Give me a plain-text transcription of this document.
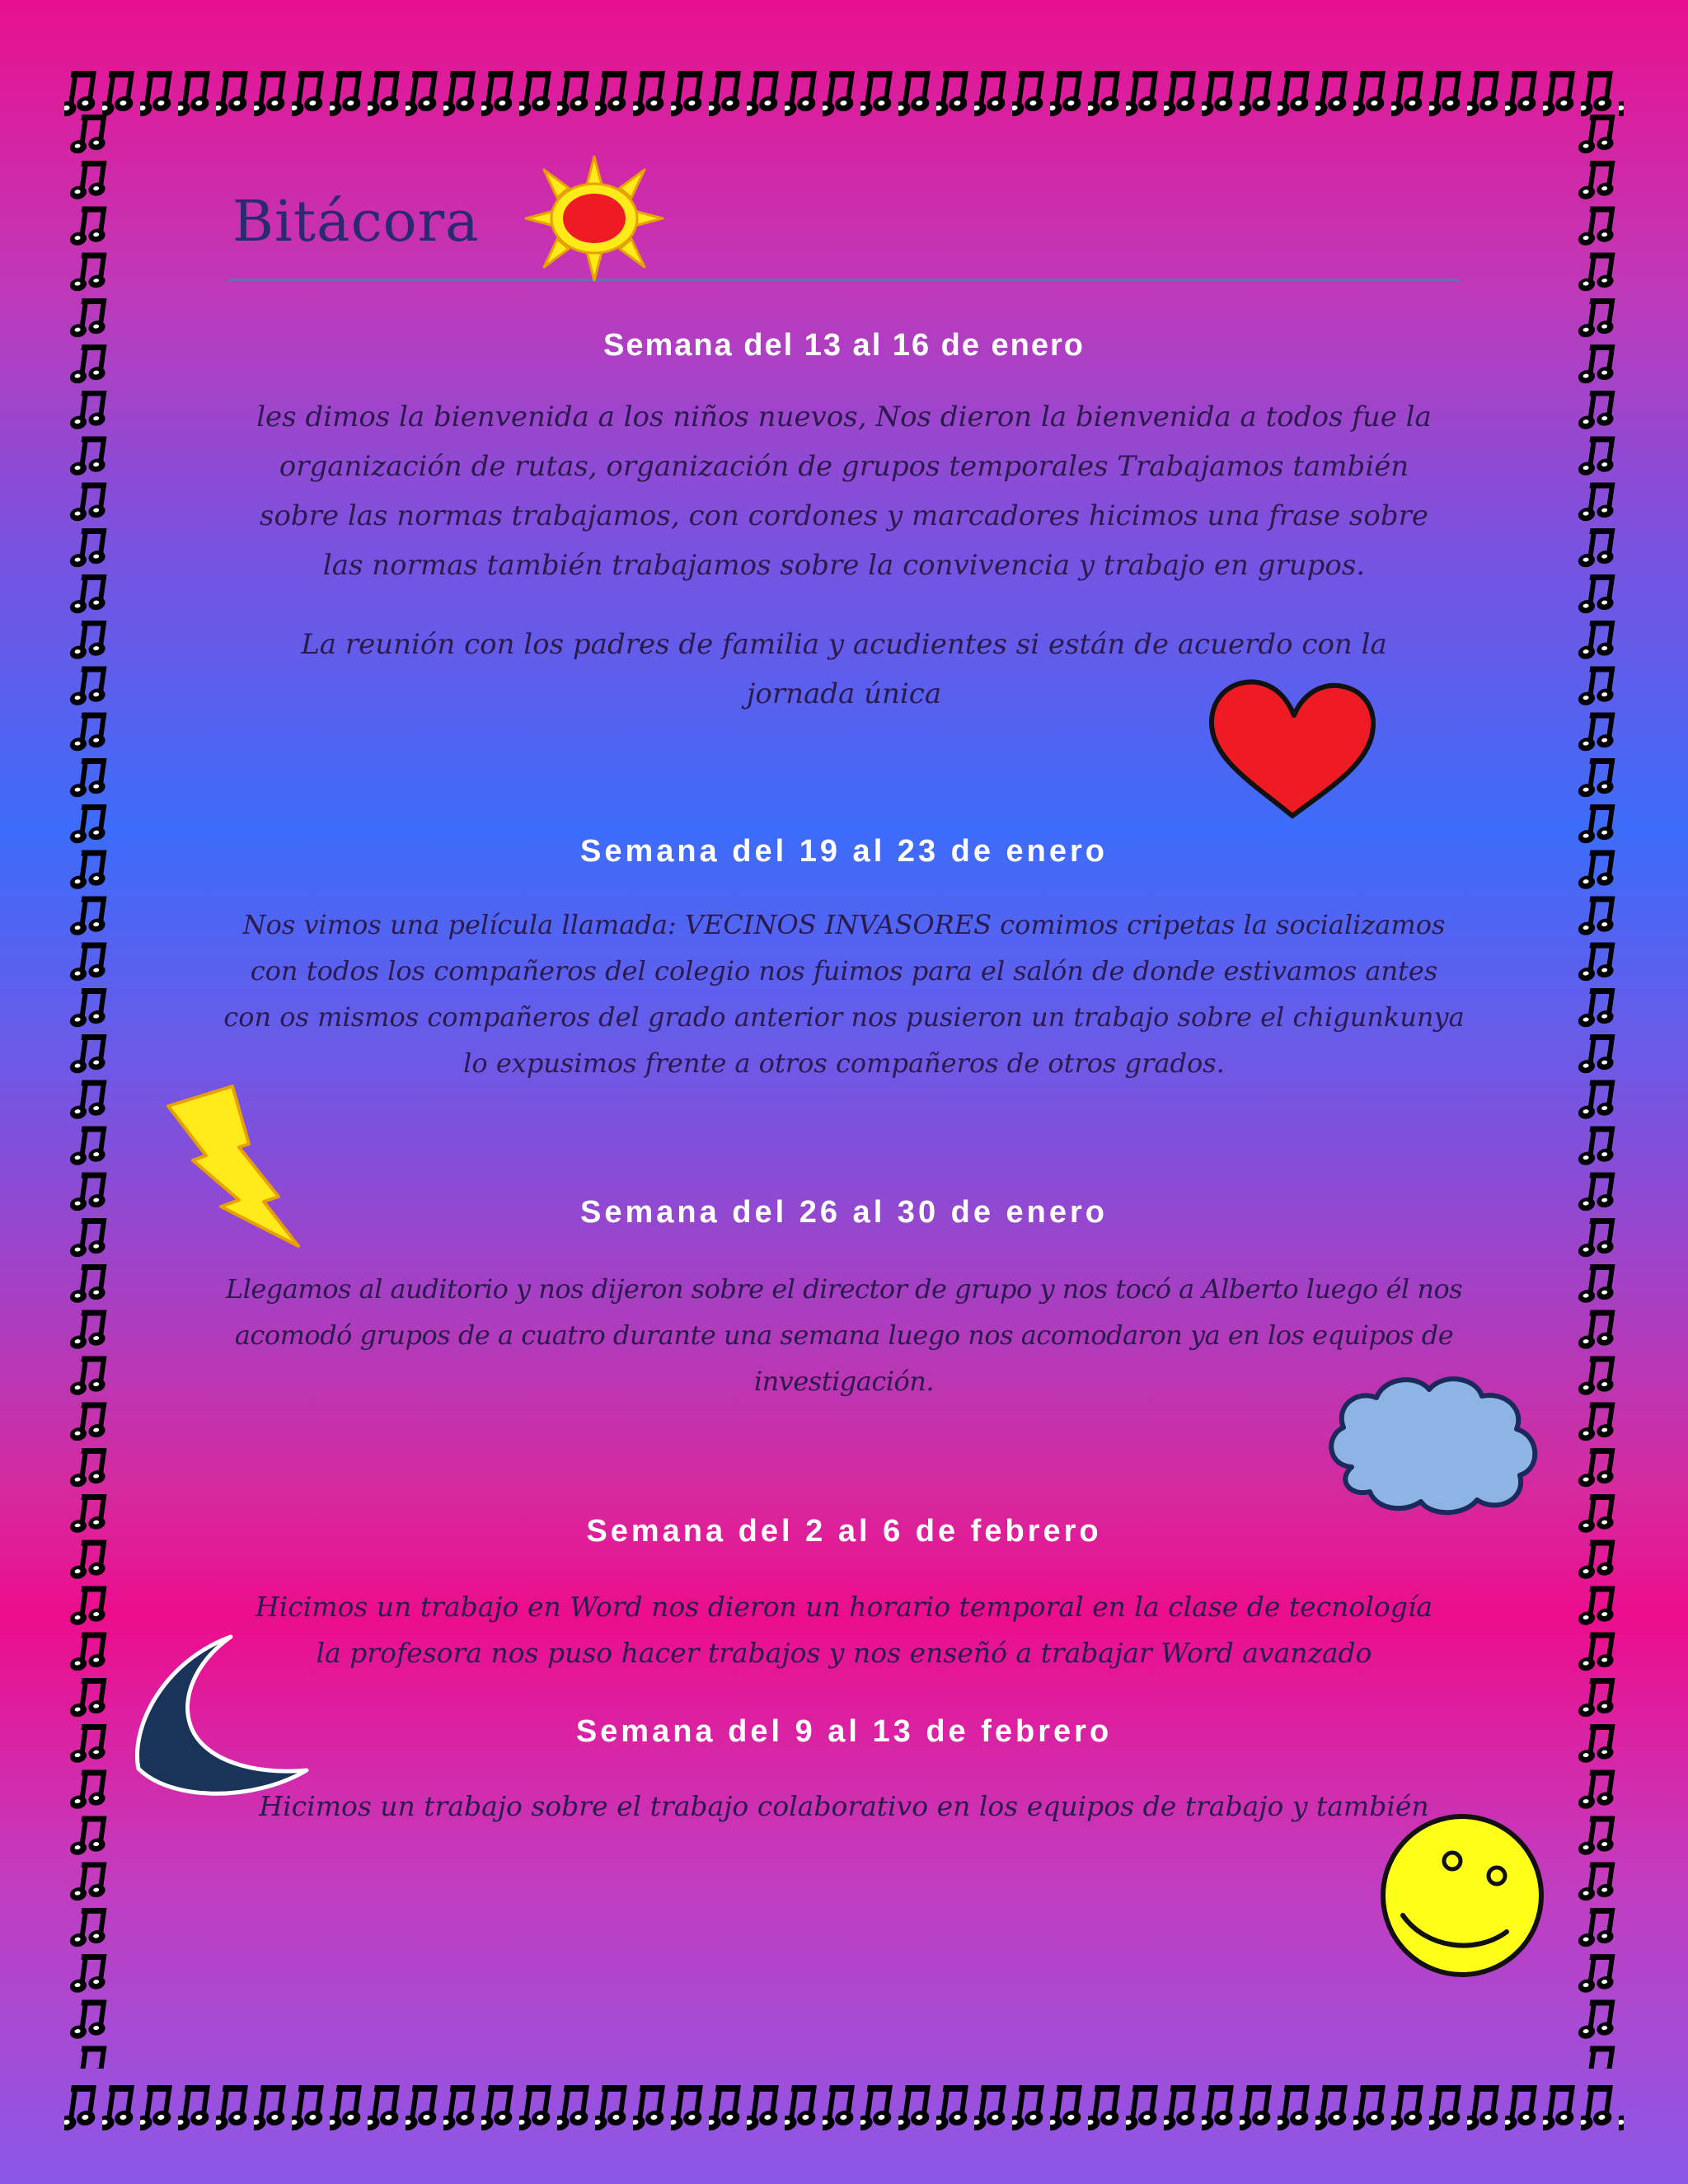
Bitácora
Semana del 13 al 16 de enero

les dimos la bienvenida a los niños nuevos, Nos dieron la bienvenida a todos fue la organización de rutas, organización de grupos temporales Trabajamos también sobre las normas trabajamos, con cordones y marcadores hicimos una frase sobre las normas también trabajamos sobre la convivencia y trabajo en grupos.

La reunión con los padres de familia y acudientes si están de acuerdo con la jornada única

Semana del 19 al 23 de enero

Nos vimos una película llamada: VECINOS INVASORES comimos cripetas la socializamos con todos los compañeros del colegio nos fuimos para el salón de donde estivamos antes con os mismos compañeros del grado anterior nos pusieron un trabajo sobre el chigunkunya lo expusimos frente a otros compañeros de otros grados.

Semana del 26 al 30 de enero

Llegamos al auditorio y nos dijeron sobre el director de grupo y nos tocó a Alberto luego él nos acomodó grupos de a cuatro durante una semana luego nos acomodaron ya en los equipos de investigación.

Semana del 2 al 6 de febrero

Hicimos un trabajo en Word nos dieron un horario temporal en la clase de tecnología la profesora nos puso hacer trabajos y nos enseñó a trabajar Word avanzado

Semana del 9 al 13 de febrero

Hicimos un trabajo sobre el trabajo colaborativo en los equipos de trabajo y también
